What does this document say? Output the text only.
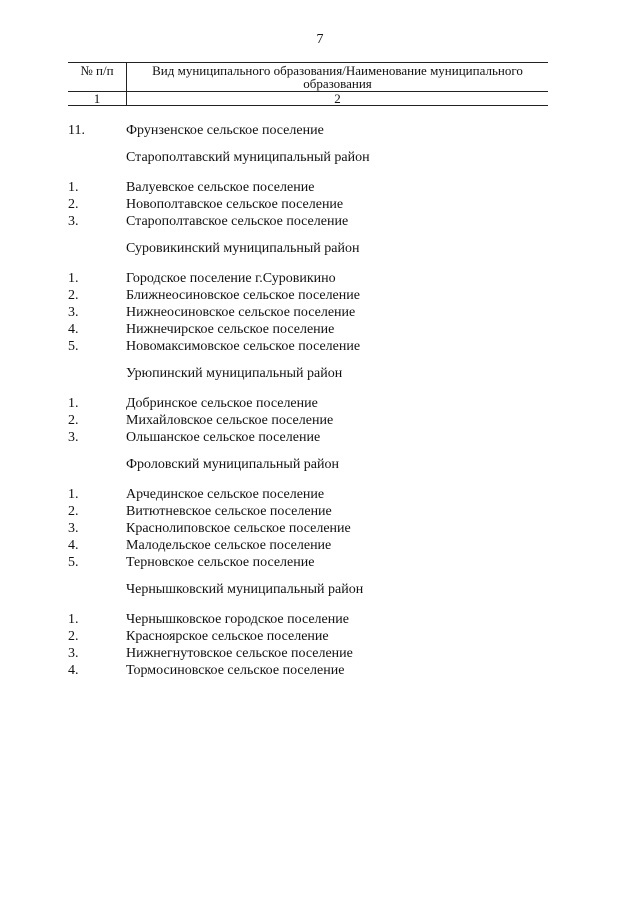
7
№ п/п	Вид муниципального образования/Наименование муниципального образования
1	2
11.	Фрунзенское сельское поселение
Старополтавский муниципальный район
1.	Валуевское сельское поселение
2.	Новополтавское сельское поселение
3.	Старополтавское сельское поселение
Суровикинский муниципальный район
1.	Городское поселение г.Суровикино
2.	Ближнеосиновское сельское поселение
3.	Нижнеосиновское сельское поселение
4.	Нижнечирское сельское поселение
5.	Новомаксимовское сельское поселение
Урюпинский муниципальный район
1.	Добринское сельское поселение
2.	Михайловское сельское поселение
3.	Ольшанское сельское поселение
Фроловский муниципальный район
1.	Арчединское сельское поселение
2.	Витютневское сельское поселение
3.	Краснолиповское сельское поселение
4.	Малодельское сельское поселение
5.	Терновское сельское поселение
Чернышковский муниципальный район
1.	Чернышковское городское поселение
2.	Красноярское сельское поселение
3.	Нижнегнутовское сельское поселение
4.	Тормосиновское сельское поселение
